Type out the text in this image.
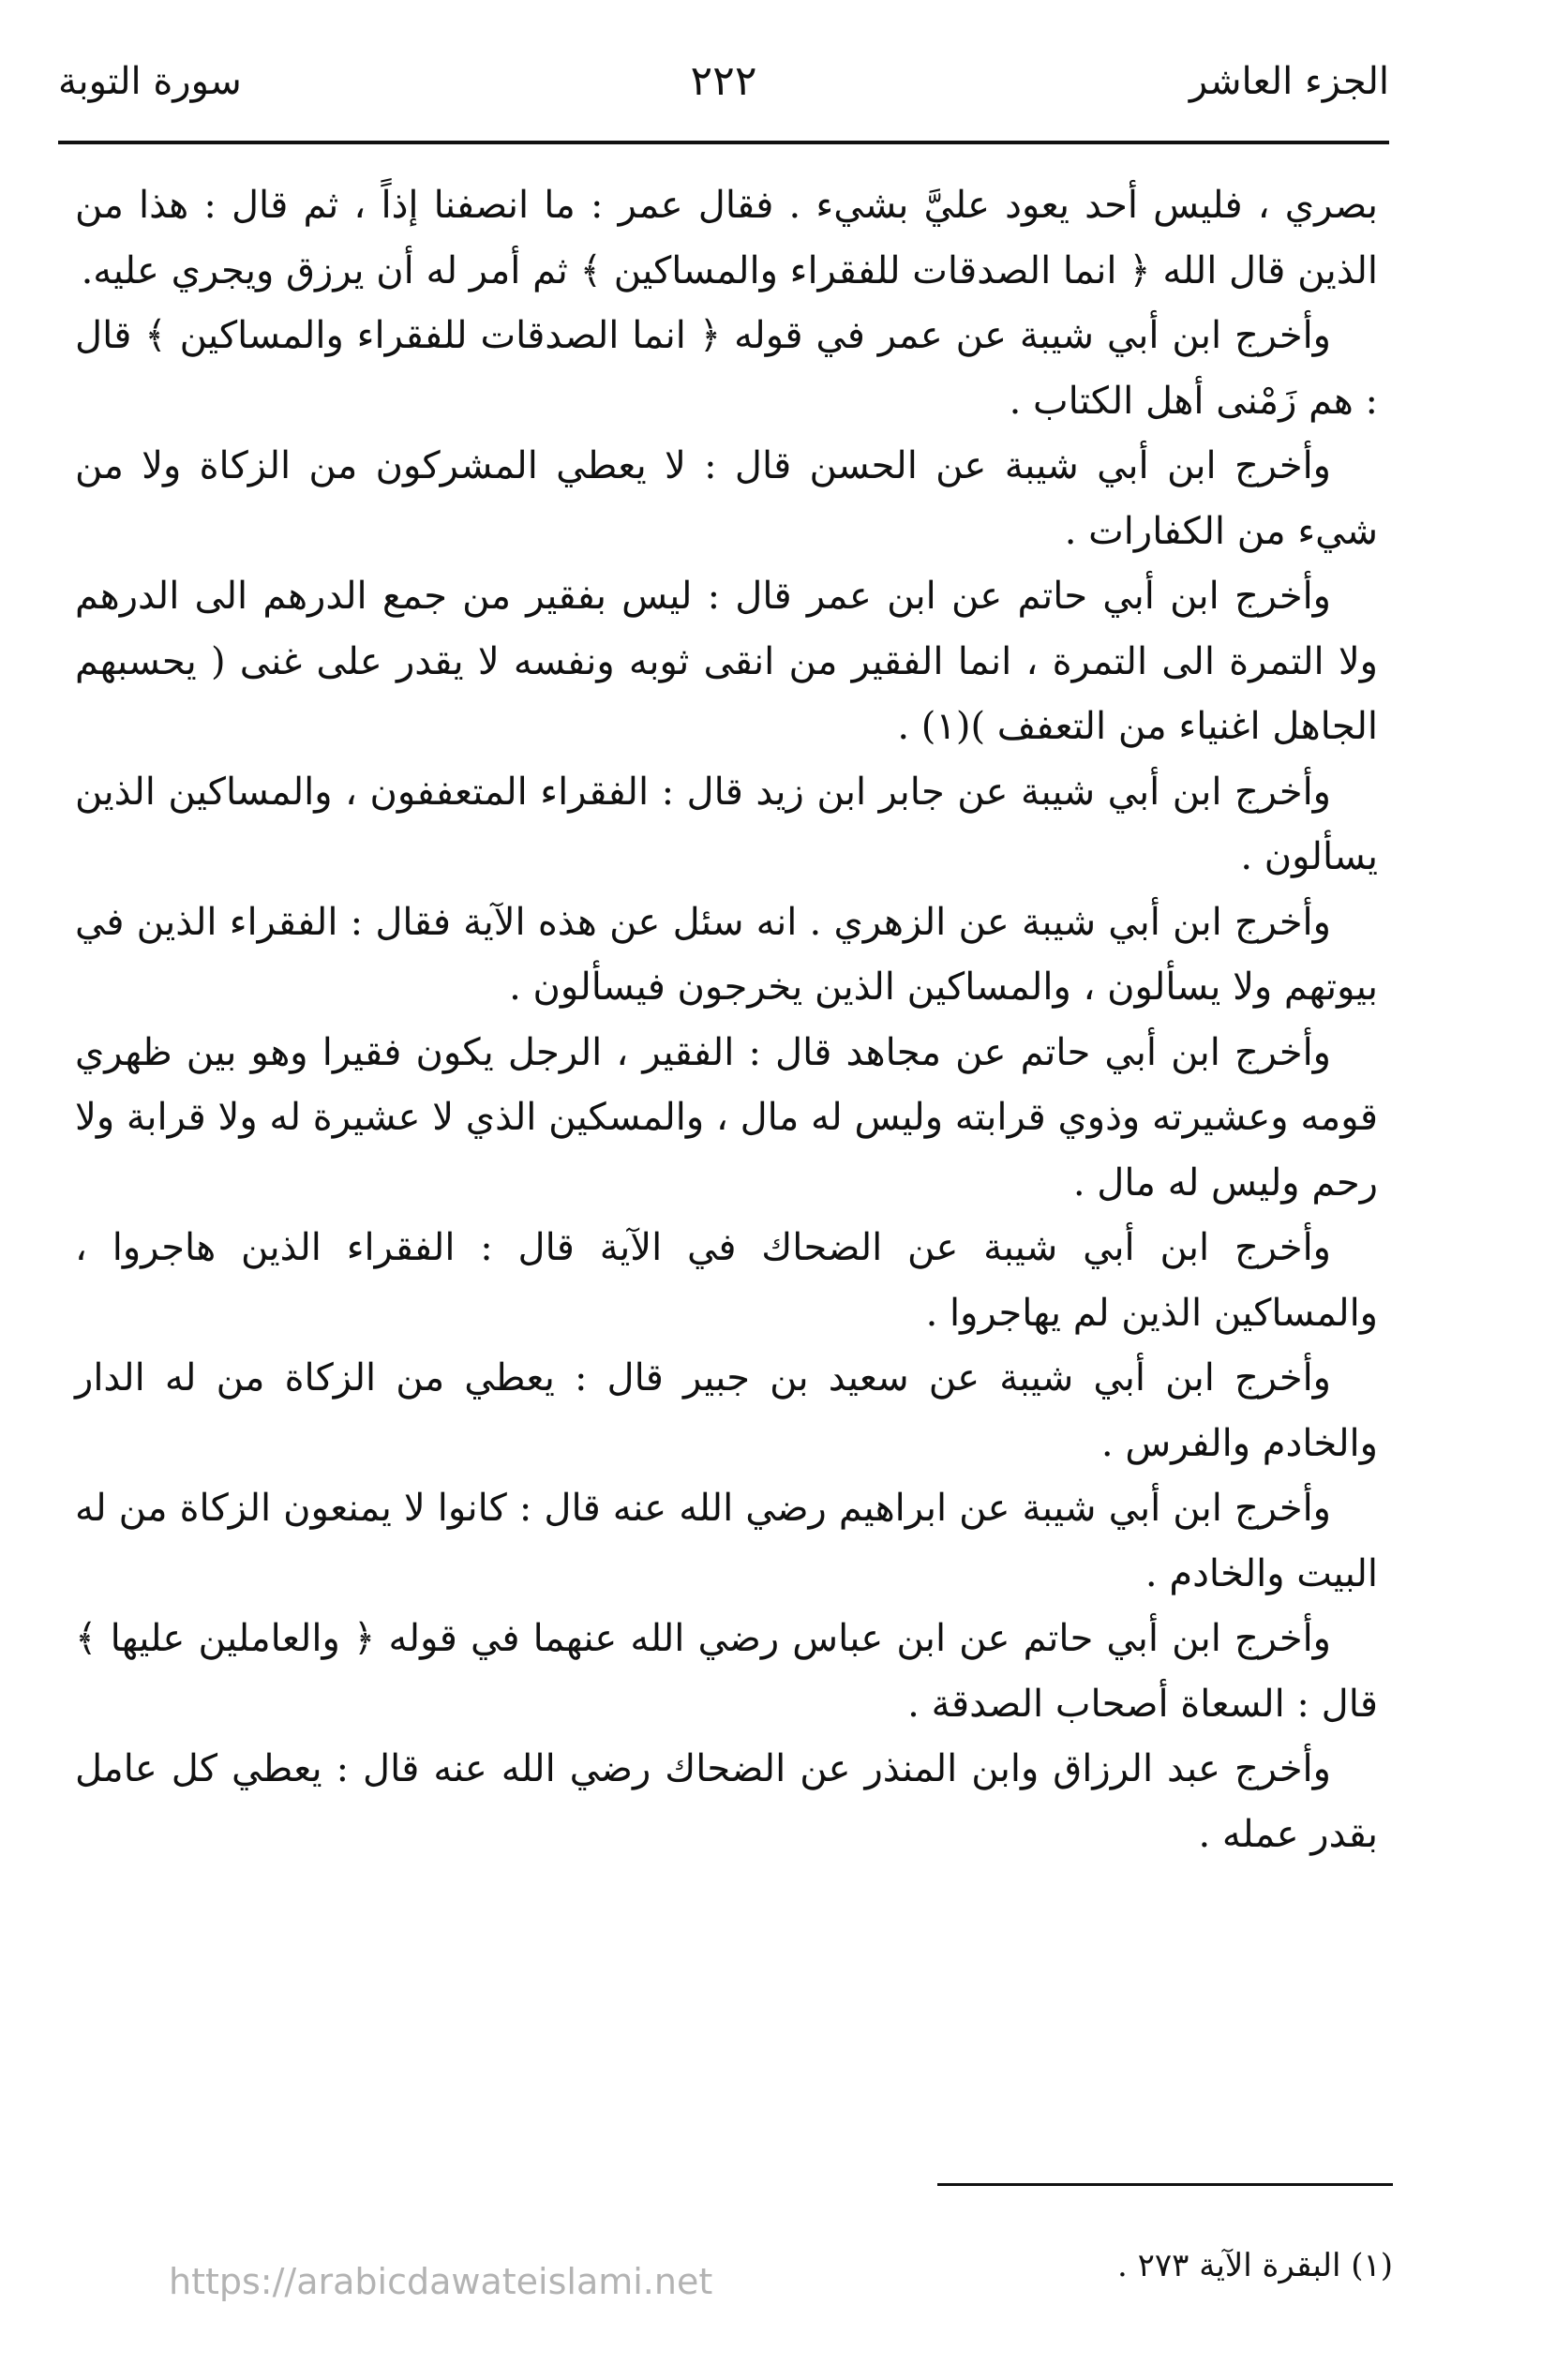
الجزء العاشر
٢٢٢
سورة التوبة

بصري ، فليس أحد يعود عليَّ بشيء . فقال عمر : ما انصفنا إذاً ، ثم قال : هذا من الذين قال الله ﴿ انما الصدقات للفقراء والمساكين ﴾ ثم أمر له أن يرزق ويجري عليه.

وأخرج ابن أبي شيبة عن عمر في قوله ﴿ انما الصدقات للفقراء والمساكين ﴾ قال : هم زَمْنى أهل الكتاب .

وأخرج ابن أبي شيبة عن الحسن قال : لا يعطي المشركون من الزكاة ولا من شيء من الكفارات .

وأخرج ابن أبي حاتم عن ابن عمر قال : ليس بفقير من جمع الدرهم الى الدرهم ولا التمرة الى التمرة ، انما الفقير من انقى ثوبه ونفسه لا يقدر على غنى ( يحسبهم الجاهل اغنياء من التعفف )(١) .

وأخرج ابن أبي شيبة عن جابر ابن زيد قال : الفقراء المتعففون ، والمساكين الذين يسألون .

وأخرج ابن أبي شيبة عن الزهري . انه سئل عن هذه الآية فقال : الفقراء الذين في بيوتهم ولا يسألون ، والمساكين الذين يخرجون فيسألون .

وأخرج ابن أبي حاتم عن مجاهد قال : الفقير ، الرجل يكون فقيرا وهو بين ظهري قومه وعشيرته وذوي قرابته وليس له مال ، والمسكين الذي لا عشيرة له ولا قرابة ولا رحم وليس له مال .

وأخرج ابن أبي شيبة عن الضحاك في الآية قال : الفقراء الذين هاجروا ، والمساكين الذين لم يهاجروا .

وأخرج ابن أبي شيبة عن سعيد بن جبير قال : يعطي من الزكاة من له الدار والخادم والفرس .

وأخرج ابن أبي شيبة عن ابراهيم رضي الله عنه قال : كانوا لا يمنعون الزكاة من له البيت والخادم .

وأخرج ابن أبي حاتم عن ابن عباس رضي الله عنهما في قوله ﴿ والعاملين عليها ﴾ قال : السعاة أصحاب الصدقة .

وأخرج عبد الرزاق وابن المنذر عن الضحاك رضي الله عنه قال : يعطي كل عامل بقدر عمله .

(١) البقرة الآية ٢٧٣ .
https://arabicdawateislami.net
